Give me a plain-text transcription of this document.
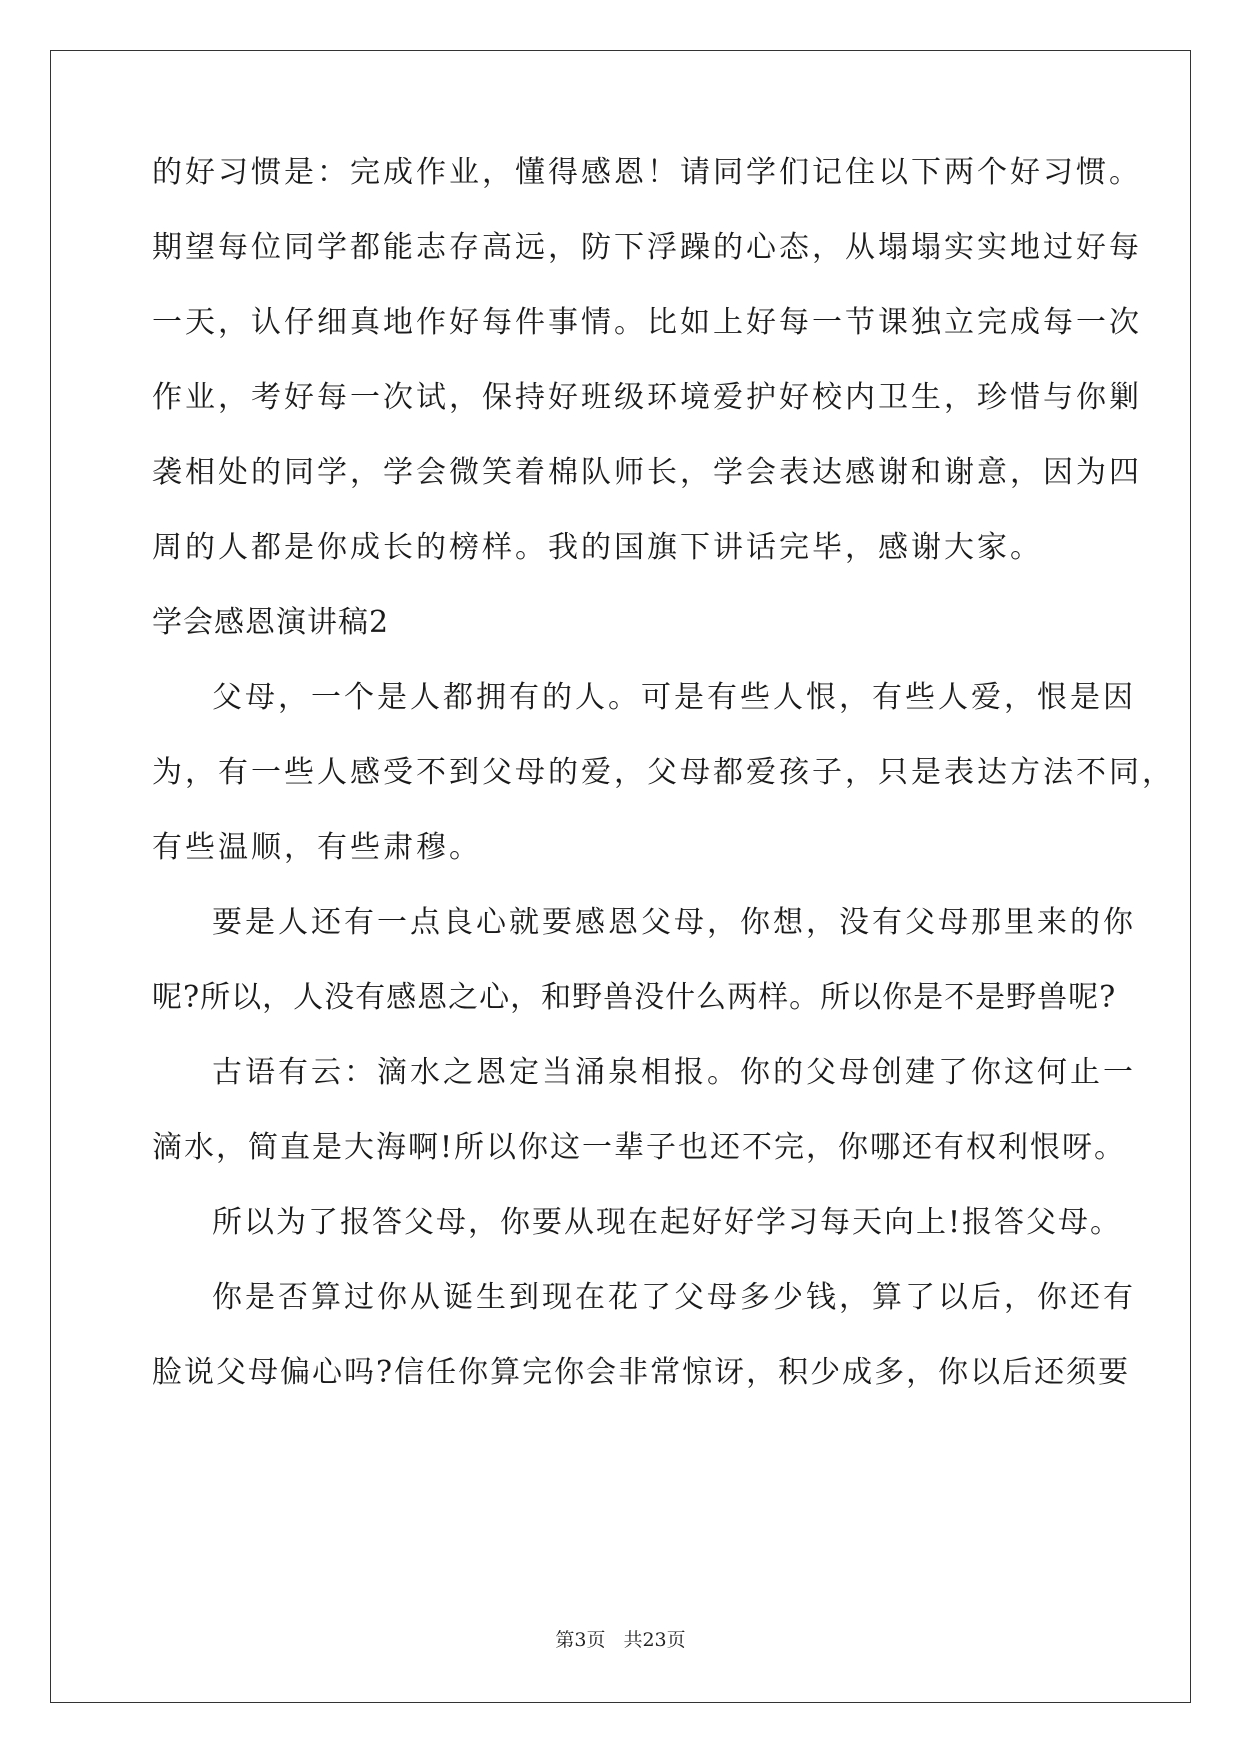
的好习惯是：完成作业，懂得感恩！请同学们记住以下两个好习惯。
期望每位同学都能志存高远，防下浮躁的心态，从塌塌实实地过好每
一天，认仔细真地作好每件事情。比如上好每一节课独立完成每一次
作业，考好每一次试，保持好班级环境爱护好校内卫生，珍惜与你剿
袭相处的同学，学会微笑着棉队师长，学会表达感谢和谢意，因为四
周的人都是你成长的榜样。我的国旗下讲话完毕，感谢大家。
学会感恩演讲稿2
父母，一个是人都拥有的人。可是有些人恨，有些人爱，恨是因
为，有一些人感受不到父母的爱，父母都爱孩子，只是表达方法不同，
有些温顺，有些肃穆。
要是人还有一点良心就要感恩父母，你想，没有父母那里来的你
呢?所以，人没有感恩之心，和野兽没什么两样。所以你是不是野兽呢?
古语有云：滴水之恩定当涌泉相报。你的父母创建了你这何止一
滴水，简直是大海啊!所以你这一辈子也还不完，你哪还有权利恨呀。
所以为了报答父母，你要从现在起好好学习每天向上!报答父母。
你是否算过你从诞生到现在花了父母多少钱，算了以后，你还有
脸说父母偏心吗?信任你算完你会非常惊讶，积少成多，你以后还须要
第3页 共23页
